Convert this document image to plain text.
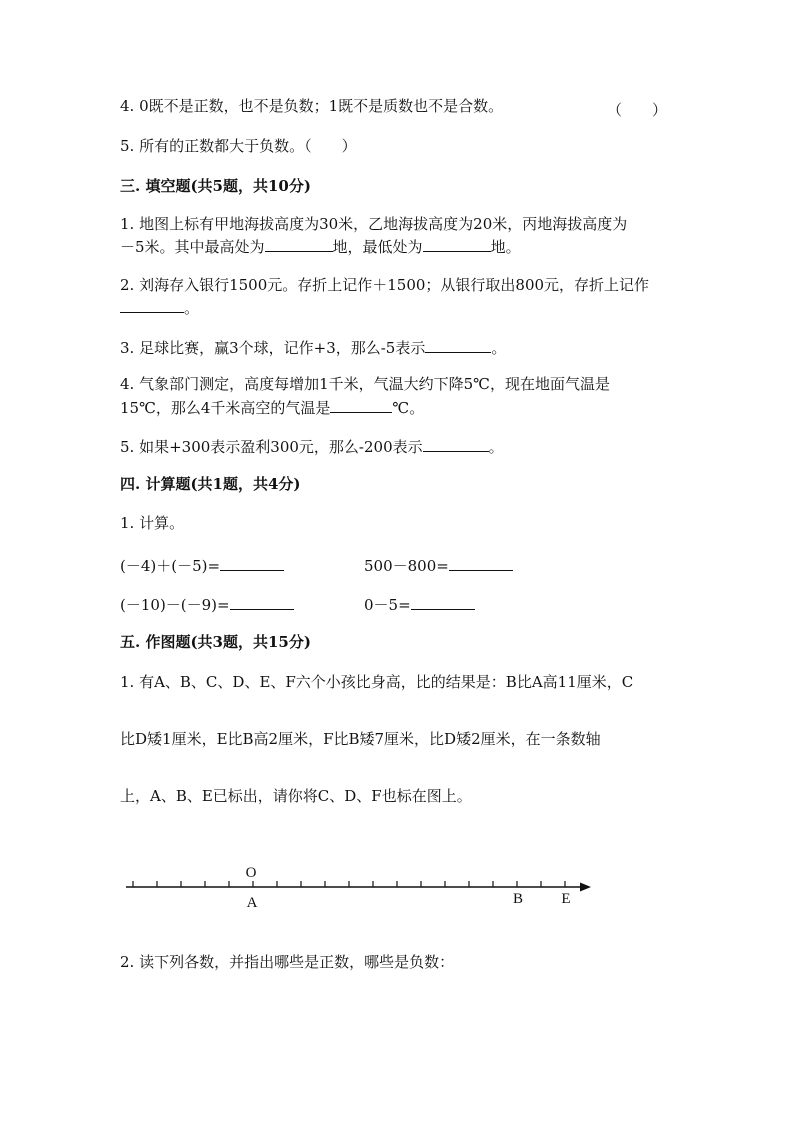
4. 0既不是正数，也不是负数；1既不是质数也不是合数。	（　　）
5. 所有的正数都大于负数。（　　）
三. 填空题(共5题，共10分)
1. 地图上标有甲地海拔高度为30米，乙地海拔高度为20米，丙地海拔高度为
－5米。其中最高处为	地，最低处为	地。
2. 刘海存入银行1500元。存折上记作＋1500；从银行取出800元，存折上记作
。
3. 足球比赛，赢3个球，记作+3，那么-5表示	。
4. 气象部门测定，高度每增加1千米，气温大约下降5℃，现在地面气温是
15℃，那么4千米高空的气温是	℃。
5. 如果+300表示盈利300元，那么-200表示	。
四. 计算题(共1题，共4分)
1. 计算。
(－4)＋(－5)=	500－800=
(－10)－(－9)=	0－5=
五. 作图题(共3题，共15分)
1. 有A、B、C、D、E、F六个小孩比身高，比的结果是：B比A高11厘米，C
比D矮1厘米，E比B高2厘米，F比B矮7厘米，比D矮2厘米，在一条数轴
上，A、B、E已标出，请你将C、D、F也标在图上。
O
A	B	E
2. 读下列各数，并指出哪些是正数，哪些是负数：
